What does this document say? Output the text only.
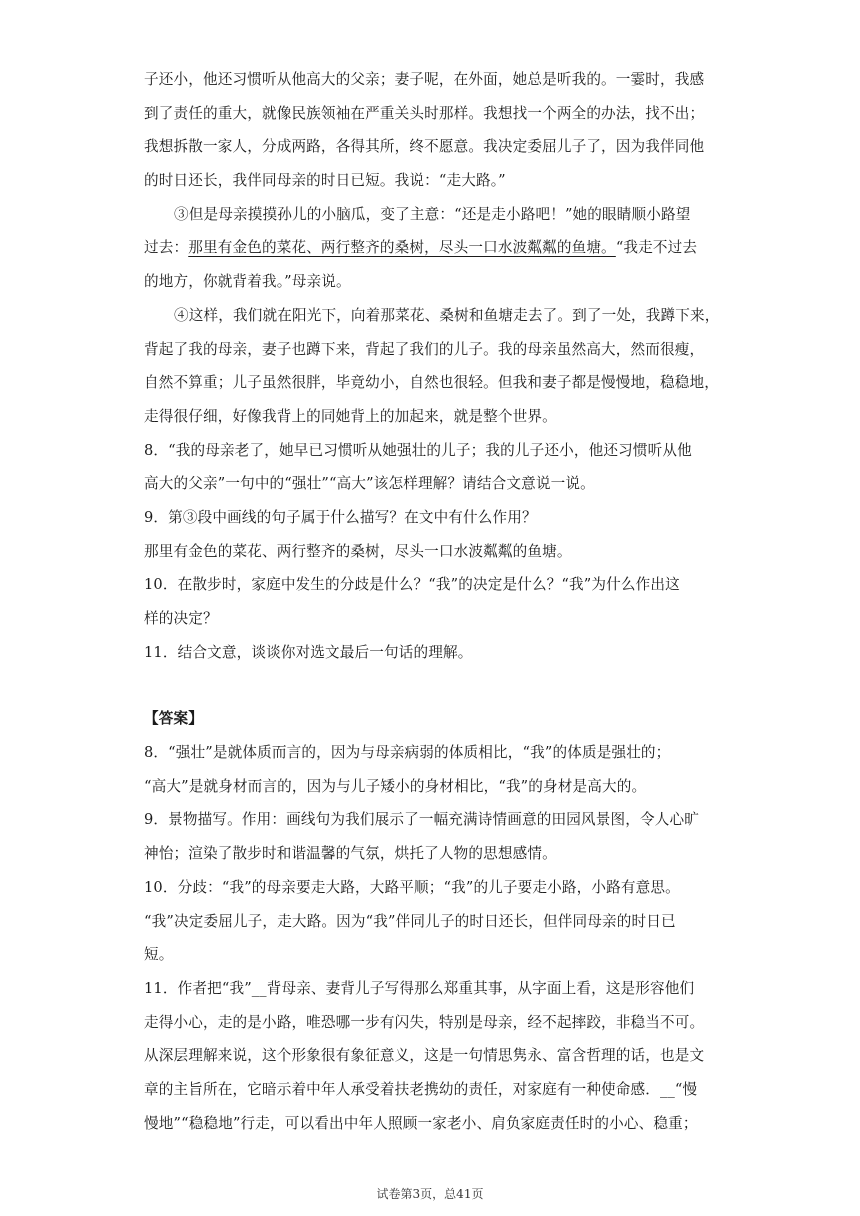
子还小，他还习惯听从他高大的父亲；妻子呢，在外面，她总是听我的。一霎时，我感
到了责任的重大，就像民族领袖在严重关头时那样。我想找一个两全的办法，找不出；
我想拆散一家人，分成两路，各得其所，终不愿意。我决定委屈儿子了，因为我伴同他
的时日还长，我伴同母亲的时日已短。我说：“走大路。”
③但是母亲摸摸孙儿的小脑瓜，变了主意：“还是走小路吧！”她的眼睛顺小路望
过去：那里有金色的菜花、两行整齐的桑树，尽头一口水波粼粼的鱼塘。“我走不过去
的地方，你就背着我。”母亲说。
④这样，我们就在阳光下，向着那菜花、桑树和鱼塘走去了。到了一处，我蹲下来，
背起了我的母亲，妻子也蹲下来，背起了我们的儿子。我的母亲虽然高大，然而很瘦，
自然不算重；儿子虽然很胖，毕竟幼小，自然也很轻。但我和妻子都是慢慢地，稳稳地，
走得很仔细，好像我背上的同她背上的加起来，就是整个世界。
8．“我的母亲老了，她早已习惯听从她强壮的儿子；我的儿子还小，他还习惯听从他
高大的父亲”一句中的“强壮”“高大”该怎样理解？请结合文意说一说。
9．第③段中画线的句子属于什么描写？在文中有什么作用？
那里有金色的菜花、两行整齐的桑树，尽头一口水波粼粼的鱼塘。
10．在散步时，家庭中发生的分歧是什么？“我”的决定是什么？“我”为什么作出这
样的决定？
11．结合文意，谈谈你对选文最后一句话的理解。
【答案】
8．“强壮”是就体质而言的，因为与母亲病弱的体质相比，“我”的体质是强壮的；
“高大”是就身材而言的，因为与儿子矮小的身材相比，“我”的身材是高大的。
9．景物描写。作用：画线句为我们展示了一幅充满诗情画意的田园风景图，令人心旷
神怡；渲染了散步时和谐温馨的气氛，烘托了人物的思想感情。
10．分歧：“我”的母亲要走大路，大路平顺；“我”的儿子要走小路，小路有意思。
“我”决定委屈儿子，走大路。因为“我”伴同儿子的时日还长，但伴同母亲的时日已
短。
11．作者把“我”__背母亲、妻背儿子写得那么郑重其事，从字面上看，这是形容他们
走得小心，走的是小路，唯恐哪一步有闪失，特别是母亲，经不起摔跤，非稳当不可。
从深层理解来说，这个形象很有象征意义，这是一句情思隽永、富含哲理的话，也是文
章的主旨所在，它暗示着中年人承受着扶老携幼的责任，对家庭有一种使命感．__“慢
慢地”“稳稳地”行走，可以看出中年人照顾一家老小、肩负家庭责任时的小心、稳重；
试卷第3页，总41页
